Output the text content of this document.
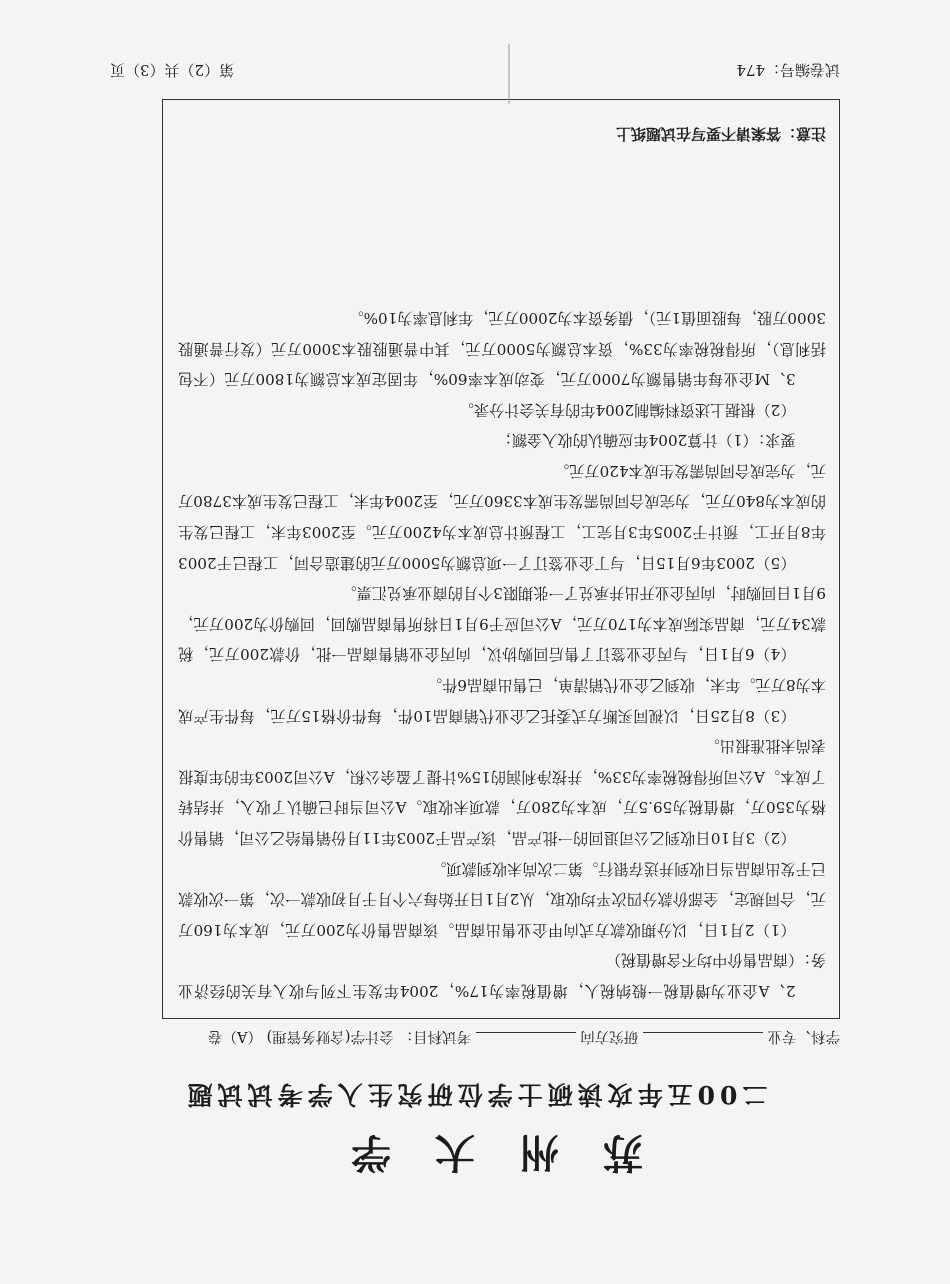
苏州大学
二00五年攻读硕士学位研究生入学考试试题
学科、专业  研究方向  考试科目： 会计学(含财务管理) （A）卷

2、A企业为增值税一般纳税人，增值税率为17%，2004年发生下列与收入有关的经济业务：（商品售价中均不含增值税）

（1）2月1日，以分期收款方式向甲企业售出商品。该商品售价为200万元，成本为160万元，合同规定，全部价款分四次平均收取，从2月1日开始每六个月于月初收款一次，第一次收款已于发出商品当日收到并送存银行。第二次尚未收到款项。

（2）3月10日收到乙公司退回的一批产品，该产品于2003年11月份销售给乙公司，销售价格为350万，增值税为59.5万，成本为280万，款项未收取。A公司当时已确认了收入，并结转了成本。A公司所得税税率为33%，并按净利润的15%计提了盈余公积，A公司2003年的年度报表尚未批准报出。

（3）8月25日，以视同买断方式委托乙企业代销商品10件，每件价格15万元，每件生产成本为8万元。年末，收到乙企业代销清单，已售出商品6件。

（4）6月1日，与丙企业签订了售后回购协议，向丙企业销售商品一批，价款200万元，税款34万元，商品实际成本为170万元，A公司应于9月1日将所售商品购回，回购价为200万元，9月1日回购时，向丙企业开出并承兑了一张期限3个月的商业承兑汇票。

（5）2003年6月15日，与丁企业签订了一项总额为5000万元的建造合同，工程已于2003年8月开工，预计于2005年3月完工，工程预计总成本为4200万元。至2003年末，工程已发生的成本为840万元，为完成合同尚需发生成本3360万元，至2004年末，工程已发生成本3780万元，为完成合同尚需发生成本420万元。

要求：（1）计算2004年应确认的收入金额；

（2）根据上述资料编制2004年的有关会计分录。

3、M企业每年销售额为7000万元，变动成本率60%，年固定成本总额为1800万元（不包括利息），所得税税率为33%，资本总额为5000万元，其中普通股股本3000万元（发行普通股3000万股，每股面值1元），债务资本为2000万元，年利息率为10%。

注意：答案请不要写在试题纸上
试卷编号：474
第（2）共（3）页
